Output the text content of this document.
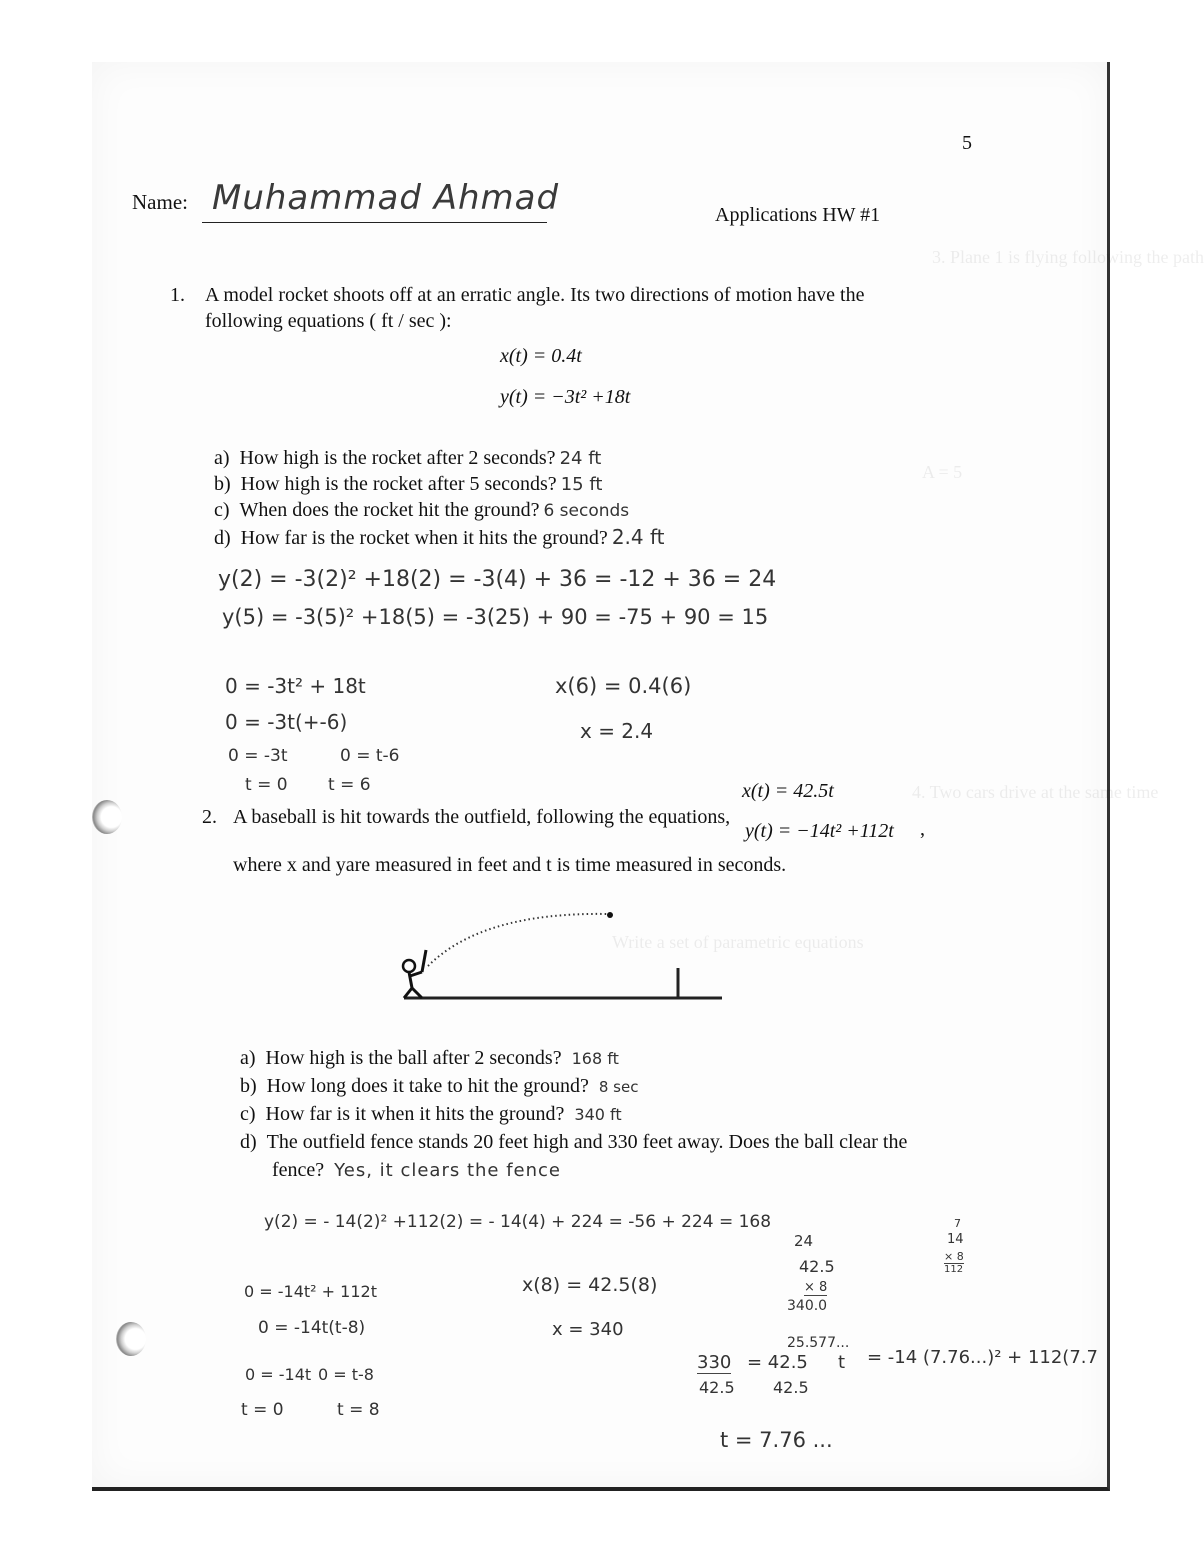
3. Plane 1 is flying following the path
A = 5
4. Two cars drive at the same time
Write a set of parametric equations
5
Name: Muhammad Ahmad	Applications HW #1
1. A model rocket shoots off at an erratic angle. Its two directions of motion have the
following equations ( ft / sec ):
x(t) = 0.4t
y(t) = −3t² +18t
a) How high is the rocket after 2 seconds? 24 ft
b) How high is the rocket after 5 seconds? 15 ft
c) When does the rocket hit the ground? 6 seconds
d) How far is the rocket when it hits the ground? 2.4 ft
y(2) = -3(2)² +18(2) = -3(4) + 36 = -12 + 36 = 24
y(5) = -3(5)² +18(5) = -3(25) + 90 = -75 + 90 = 15
0 = -3t² + 18t
0 = -3t(+-6)
0 = -3t	0 = t-6
t = 0 t = 6
x(6) = 0.4(6)
x = 2.4
x(t) = 42.5t
2. A baseball is hit towards the outfield, following the equations,
y(t) = −14t² +112t ,
where x and yare measured in feet and t is time measured in seconds.
a) How high is the ball after 2 seconds? 168 ft
b) How long does it take to hit the ground? 8 sec
c) How far is it when it hits the ground? 340 ft
d) The outfield fence stands 20 feet high and 330 feet away. Does the ball clear the
fence? Yes, it clears the fence
y(2) = - 14(2)² +112(2) = - 14(4) + 224 = -56 + 224 = 168
0 = -14t² + 112t
0 = -14t(t-8)
0 = -14t 0 = t-8
t = 0	t = 8
x(8) = 42.5(8)
x = 340
24
42.5
× 8
340.0
7
14
× 8
112
25.577...
330 = 42.5 t
42.5 42.5
= -14 (7.76...)² + 112(7.7
t = 7.76 ...
